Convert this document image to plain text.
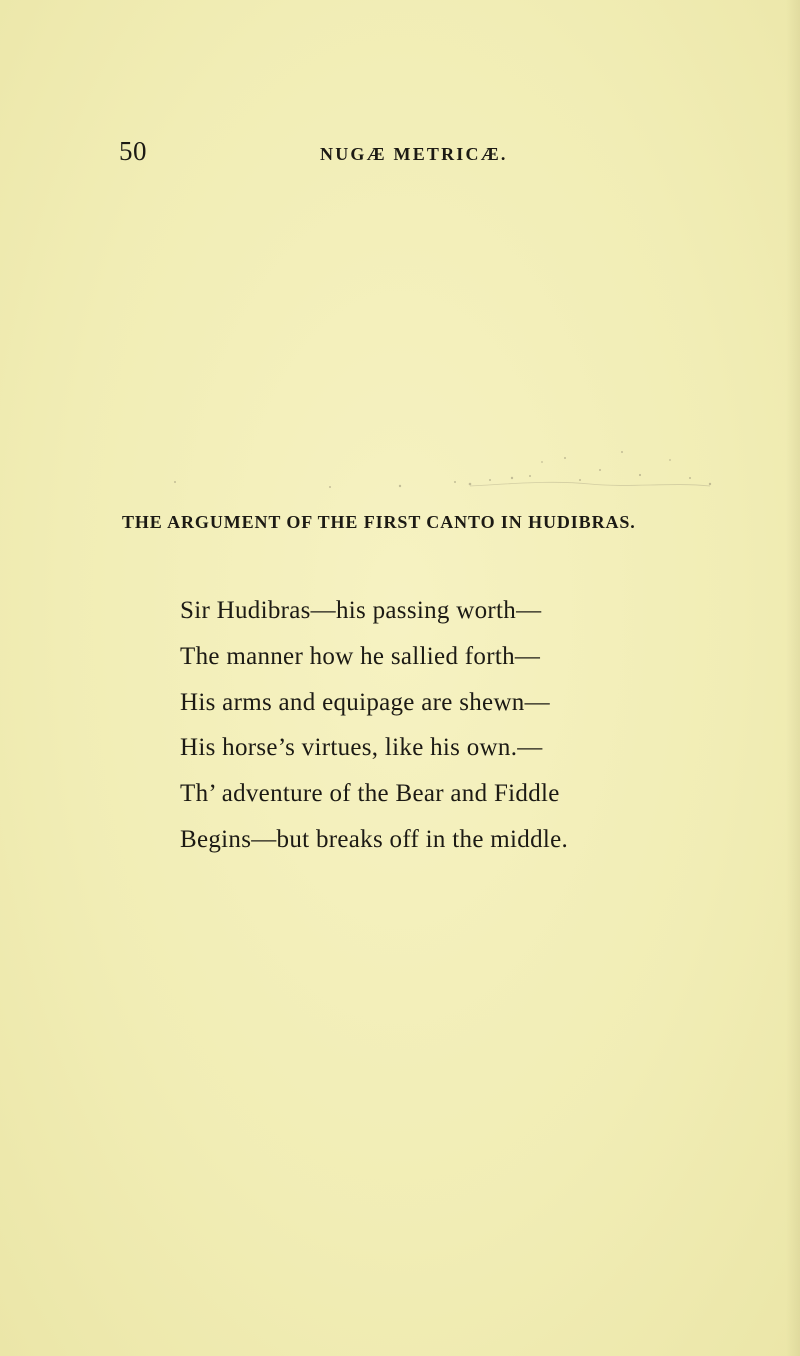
50	NUGÆ METRICÆ.
THE ARGUMENT OF THE FIRST CANTO IN HUDIBRAS.
Sir Hudibras—his passing worth—
The manner how he sallied forth—
His arms and equipage are shewn—
His horse’s virtues, like his own.—
Th’ adventure of the Bear and Fiddle
Begins—but breaks off in the middle.
